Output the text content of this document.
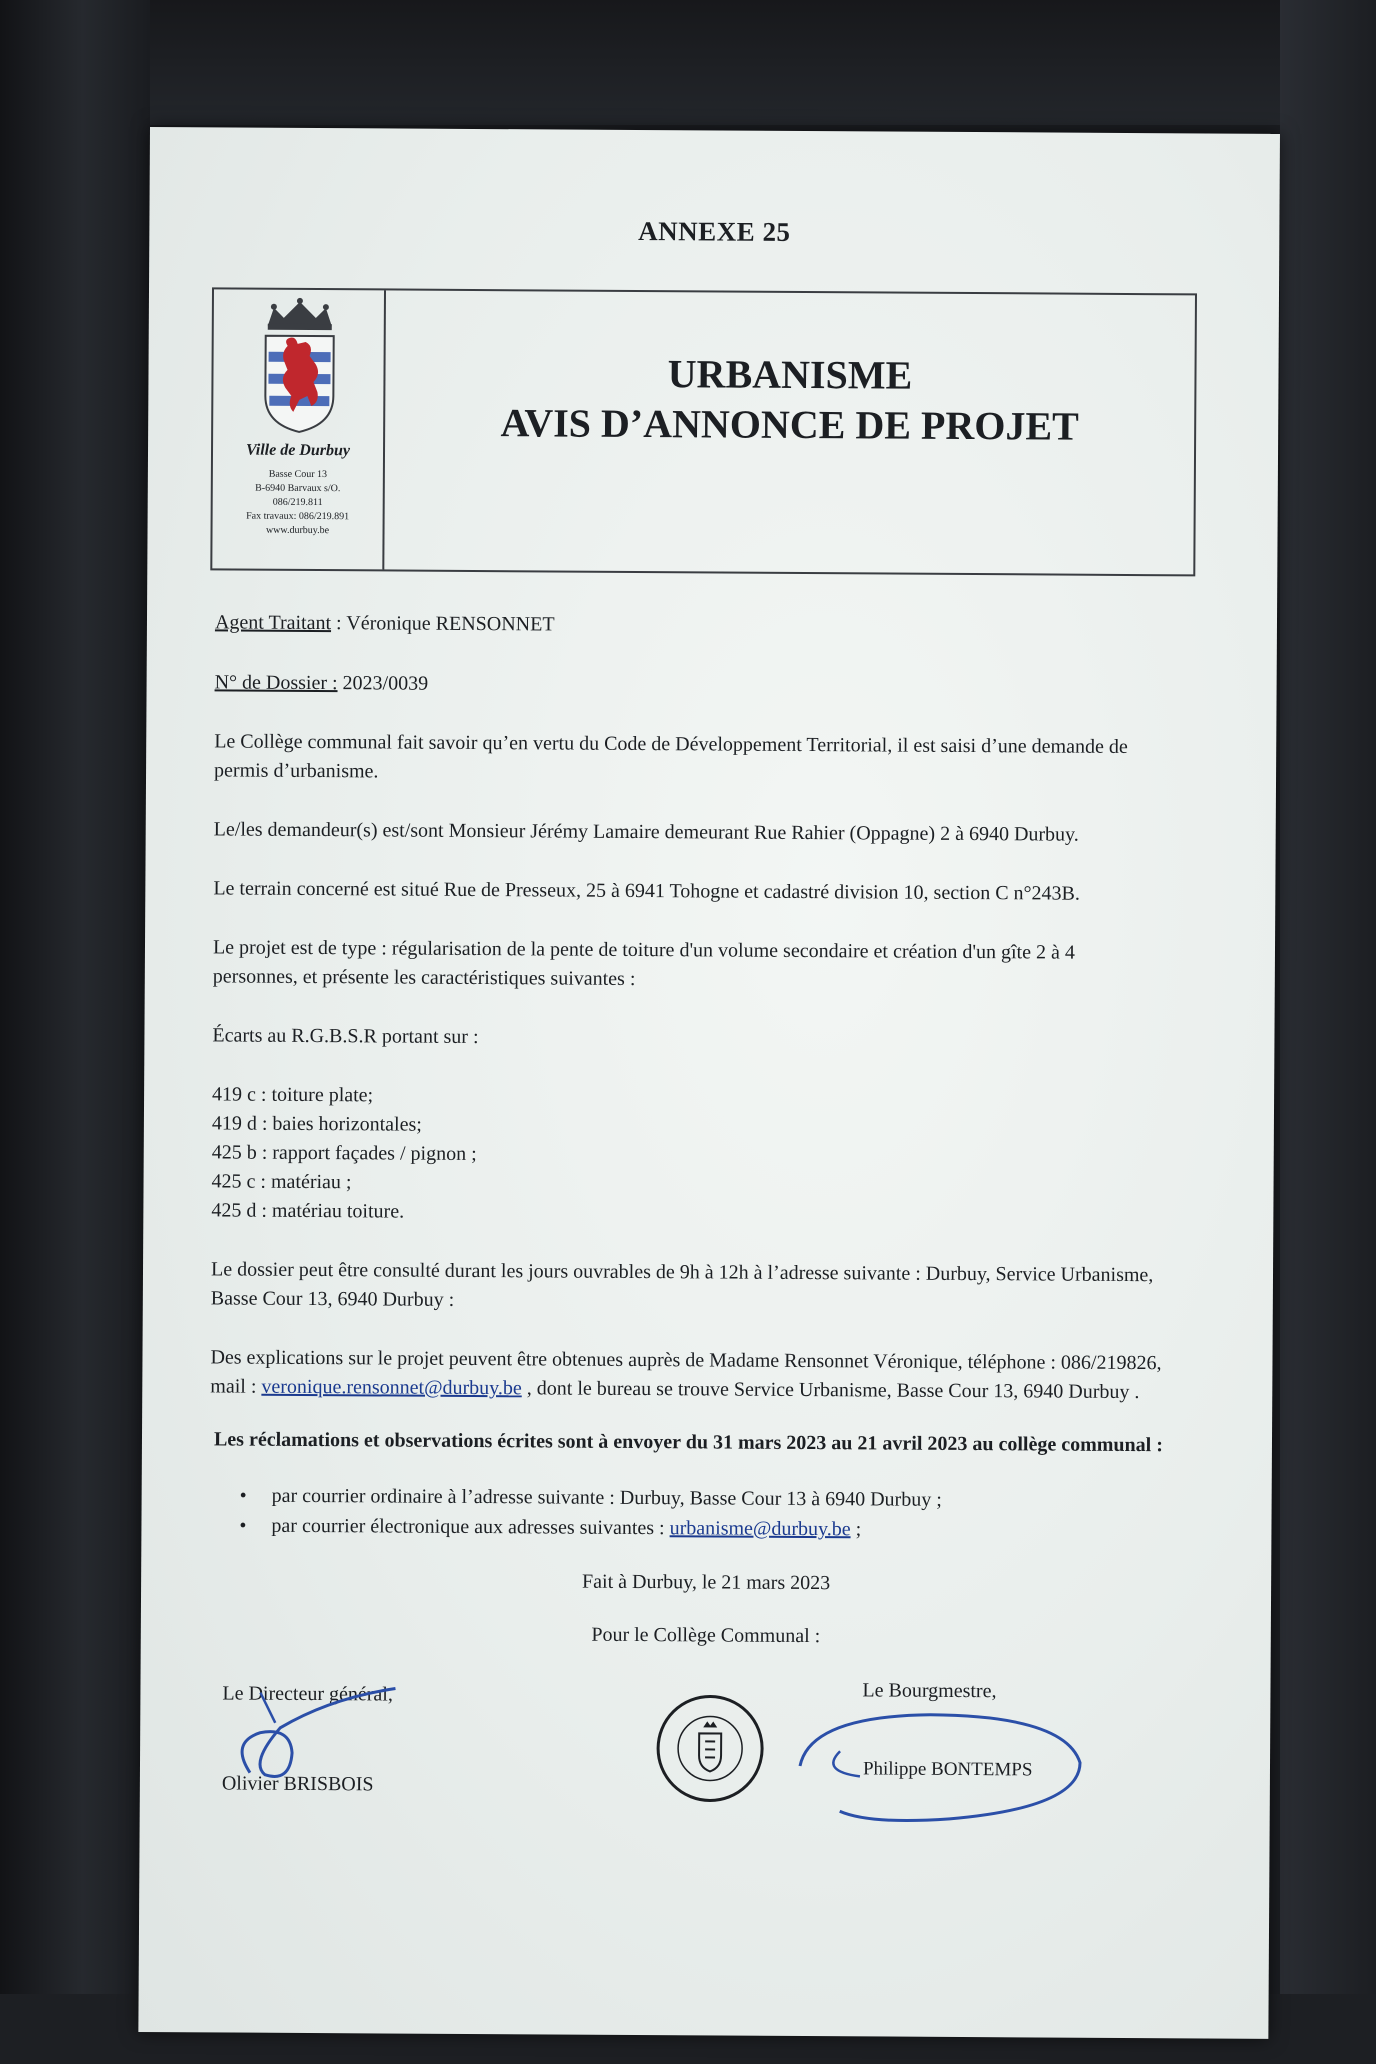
ANNEXE 25
Ville de Durbuy
Basse Cour 13
B-6940 Barvaux s/O.
086/219.811
Fax travaux: 086/219.891
www.durbuy.be
URBANISME
AVIS D’ANNONCE DE PROJET
Agent Traitant : Véronique RENSONNET
N° de Dossier : 2023/0039
Le Collège communal fait savoir qu’en vertu du Code de Développement Territorial, il est saisi d’une demande de
permis d’urbanisme.
Le/les demandeur(s) est/sont Monsieur Jérémy Lamaire demeurant Rue Rahier (Oppagne) 2 à 6940 Durbuy.
Le terrain concerné est situé Rue de Presseux, 25 à 6941 Tohogne et cadastré division 10, section C n°243B.
Le projet est de type : régularisation de la pente de toiture d'un volume secondaire et création d'un gîte 2 à 4
personnes, et présente les caractéristiques suivantes :
Écarts au R.G.B.S.R portant sur :
419 c : toiture plate;
419 d : baies horizontales;
425 b : rapport façades / pignon ;
425 c : matériau ;
425 d : matériau toiture.
Le dossier peut être consulté durant les jours ouvrables de 9h à 12h à l’adresse suivante : Durbuy, Service Urbanisme,
Basse Cour 13, 6940 Durbuy :
Des explications sur le projet peuvent être obtenues auprès de Madame Rensonnet Véronique, téléphone : 086/219826,
mail : veronique.rensonnet@durbuy.be , dont le bureau se trouve Service Urbanisme, Basse Cour 13, 6940 Durbuy .
Les réclamations et observations écrites sont à envoyer du 31 mars 2023 au 21 avril 2023 au collège communal :
• par courrier ordinaire à l’adresse suivante : Durbuy, Basse Cour 13 à 6940 Durbuy ;
• par courrier électronique aux adresses suivantes : urbanisme@durbuy.be ;
Fait à Durbuy, le 21 mars 2023
Pour le Collège Communal :
Le Directeur général,
Olivier BRISBOIS
Le Bourgmestre,
Philippe BONTEMPS
